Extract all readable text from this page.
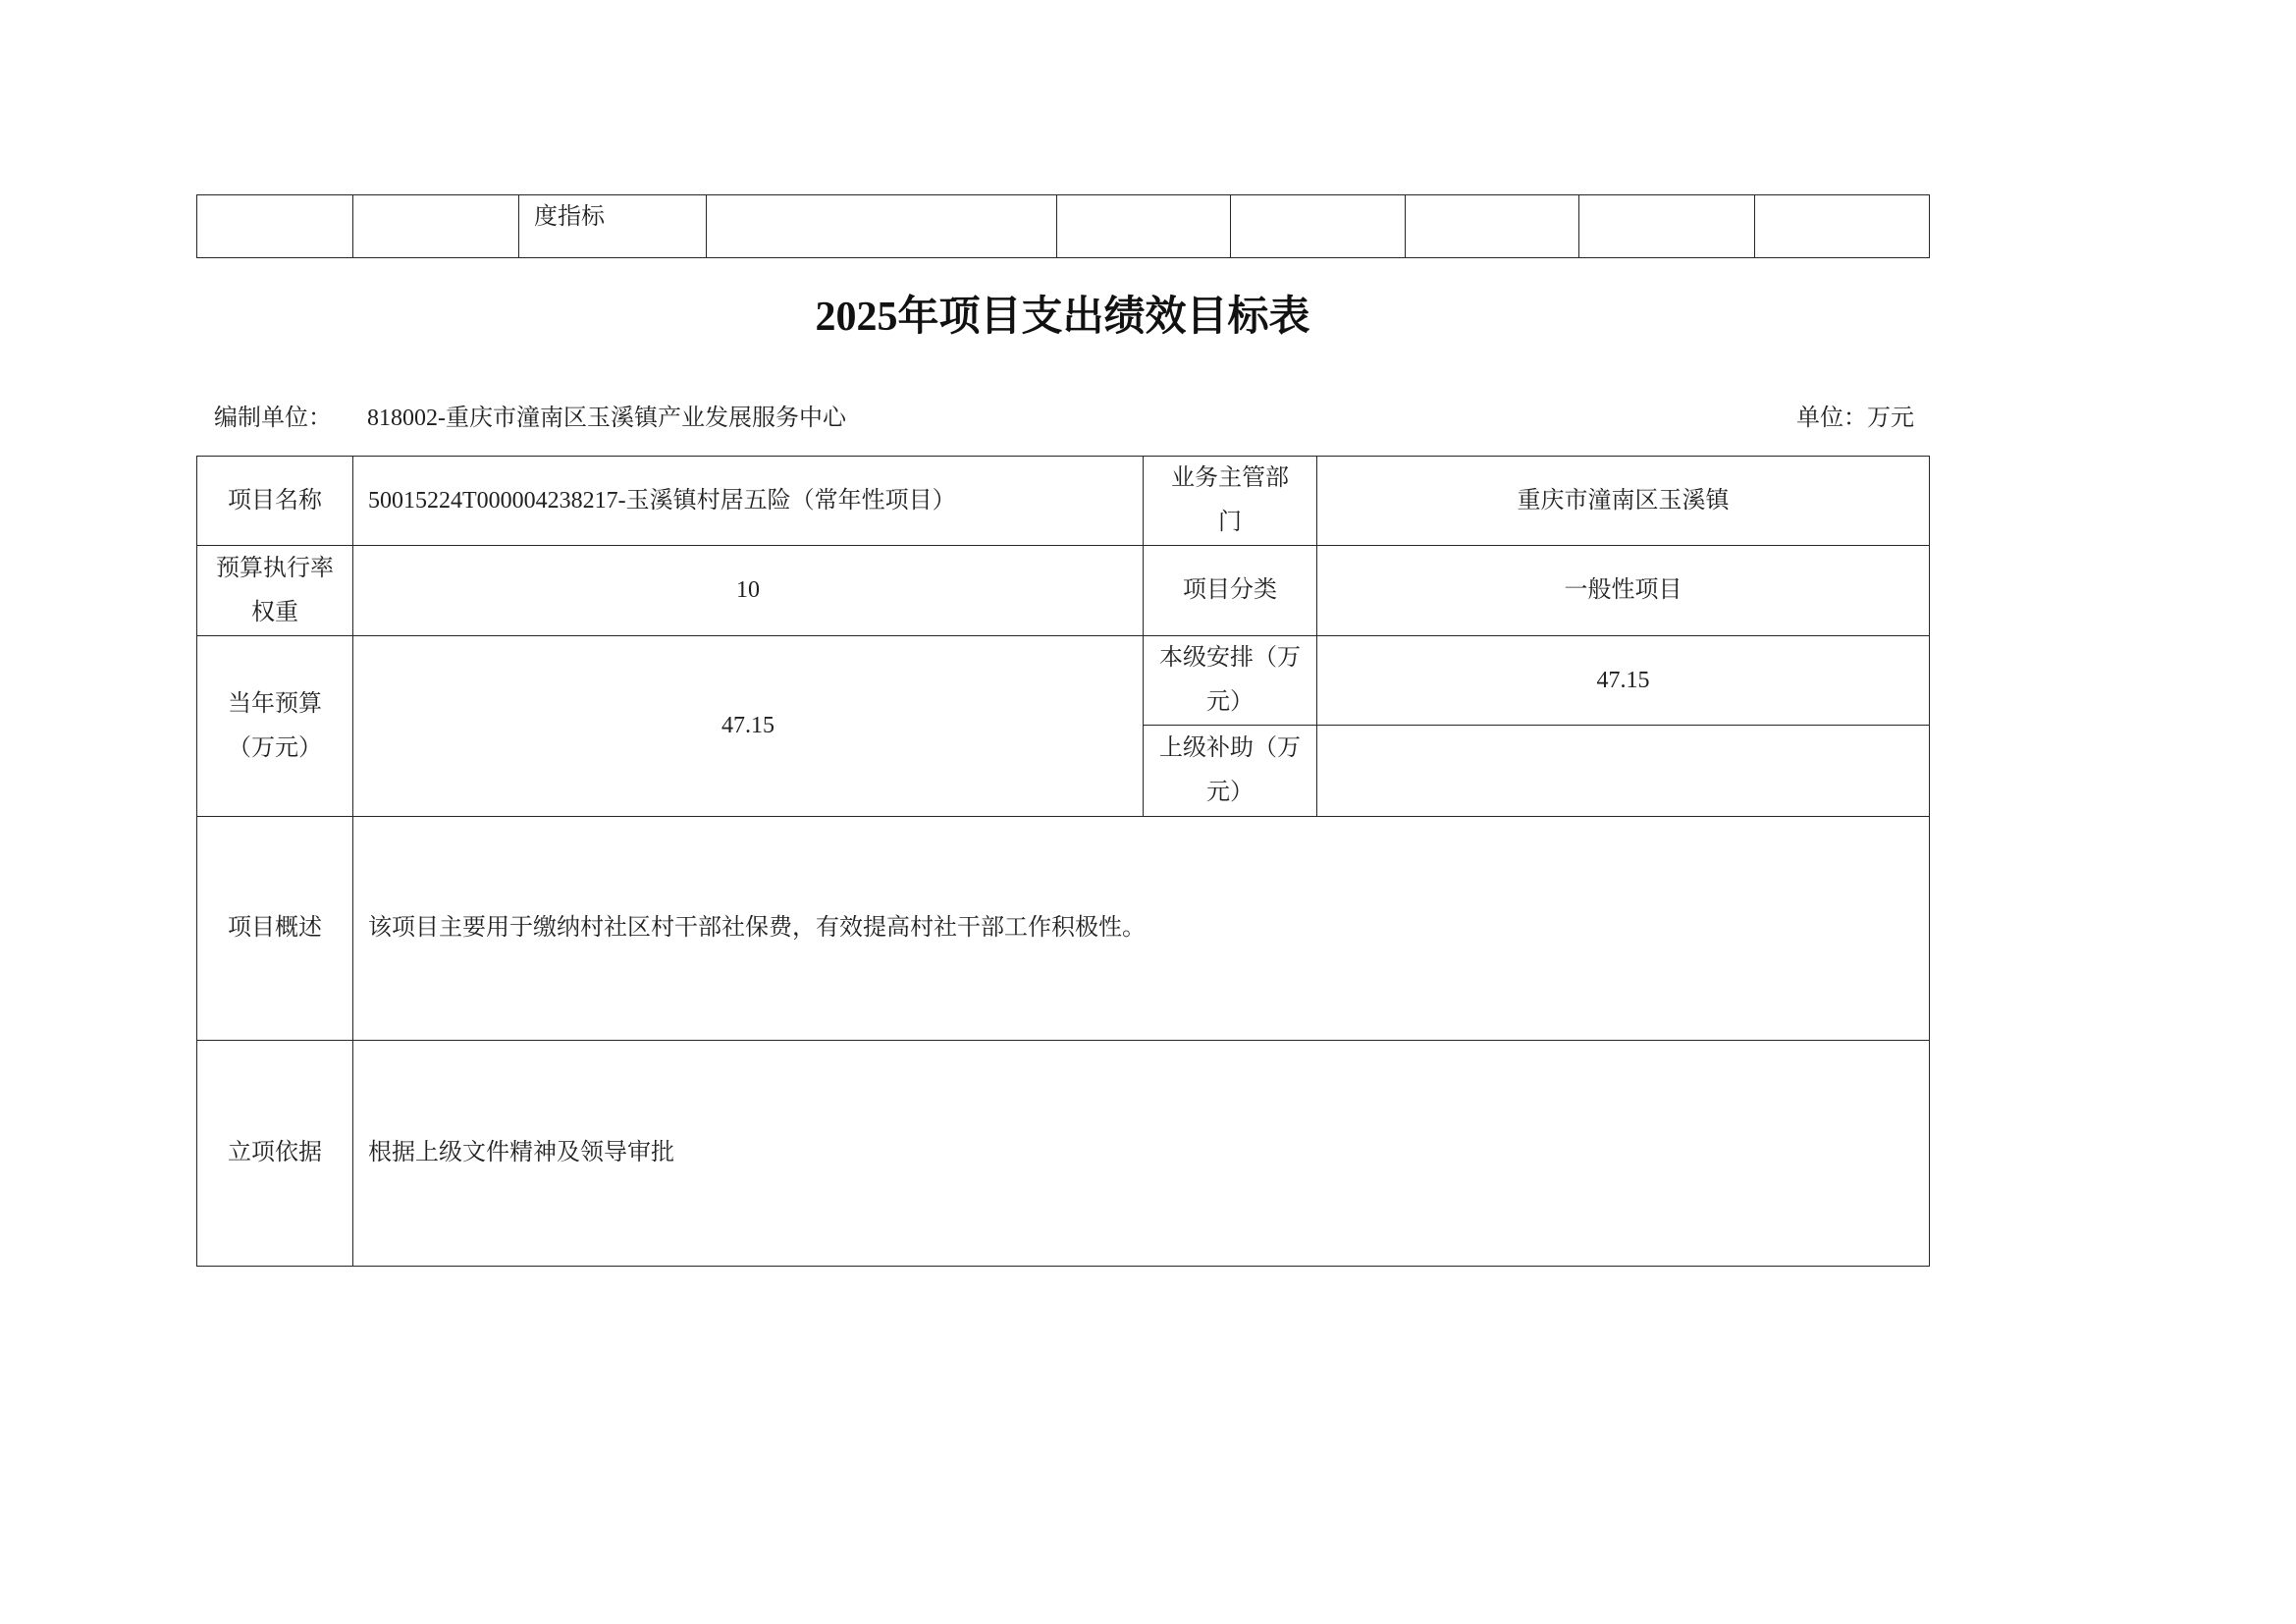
		度指标						
2025年项目支出绩效目标表
编制单位： 818002-重庆市潼南区玉溪镇产业发展服务中心	单位：万元
项目名称	50015224T000004238217-玉溪镇村居五险（常年性项目）	业务主管部
门	重庆市潼南区玉溪镇
预算执行率
权重	10	项目分类	一般性项目
当年预算
（万元）	47.15	本级安排（万
元）	47.15
		上级补助（万
元）	
项目概述	该项目主要用于缴纳村社区村干部社保费，有效提高村社干部工作积极性。		
立项依据	根据上级文件精神及领导审批		
